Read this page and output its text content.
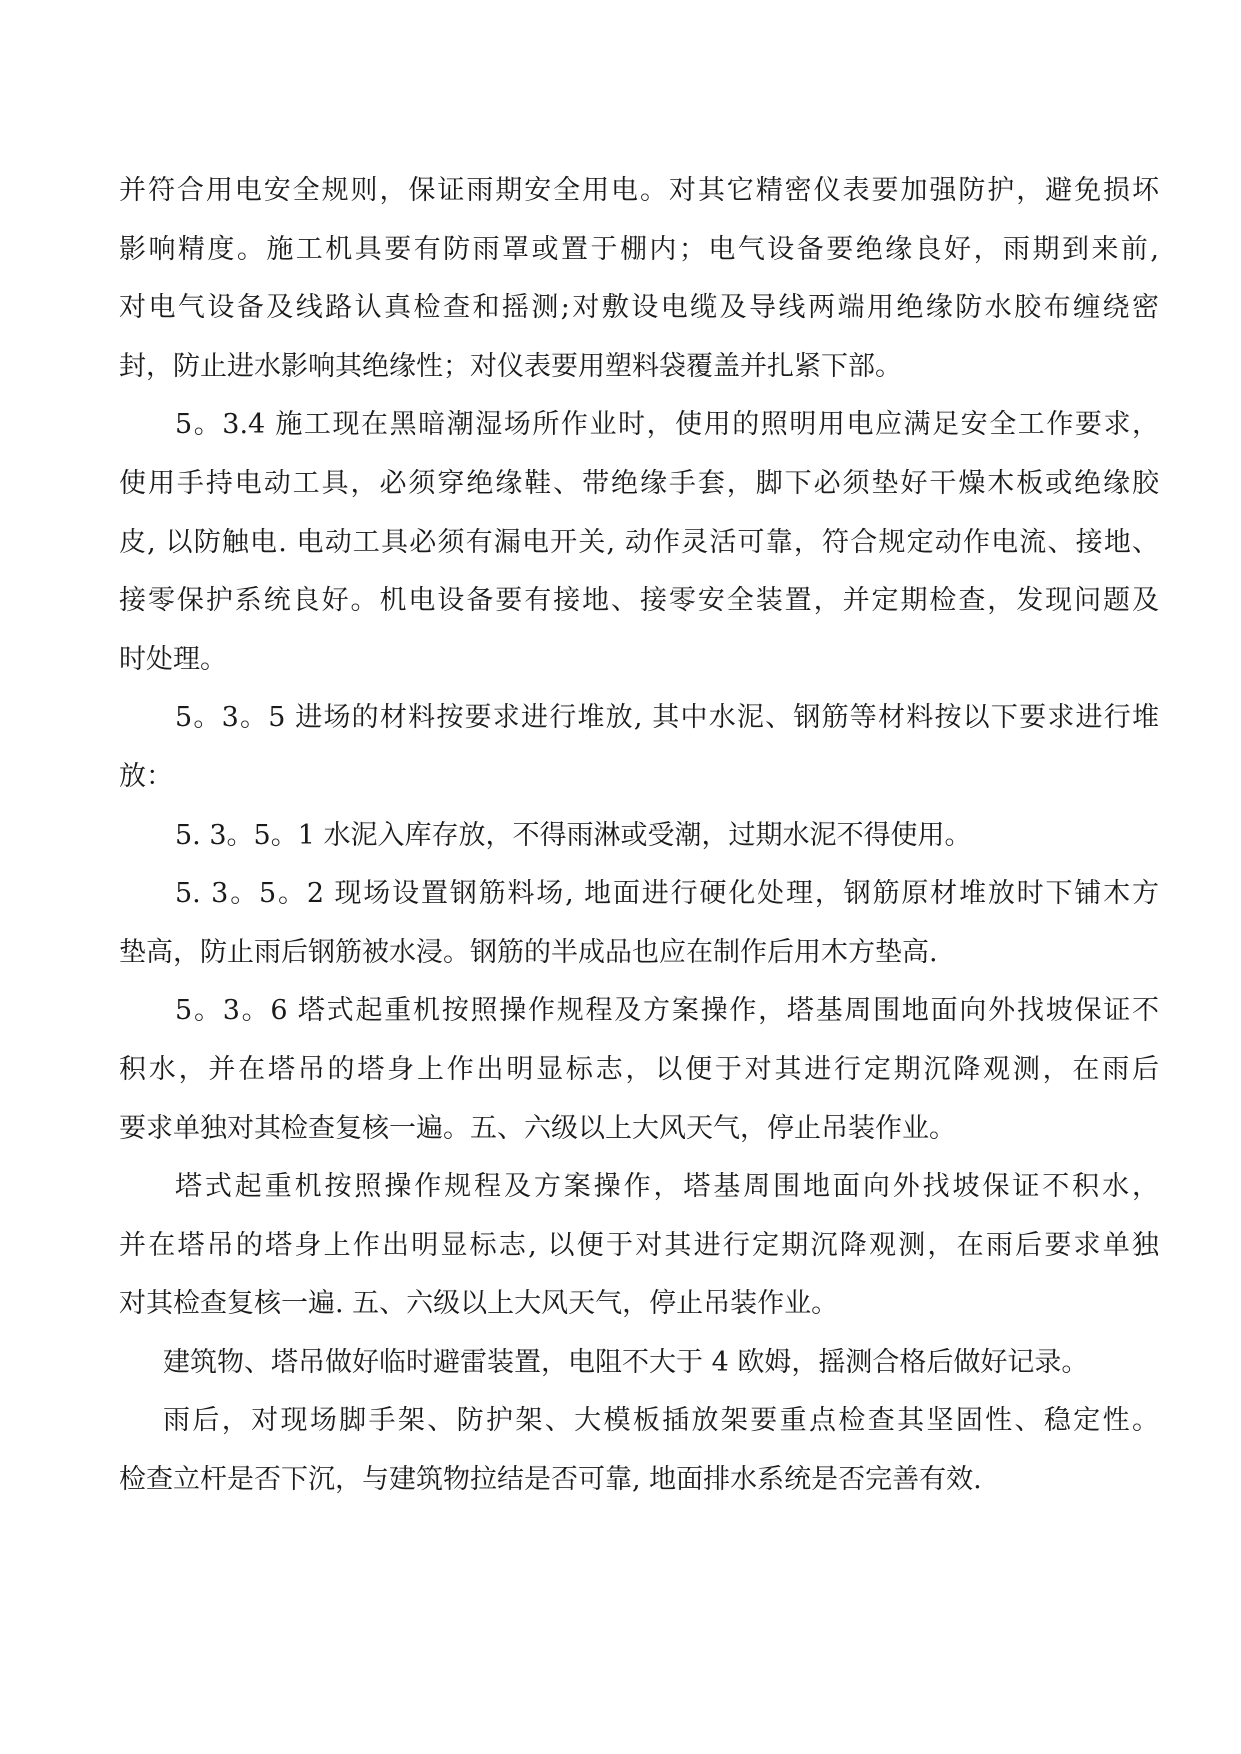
并符合用电安全规则，保证雨期安全用电。对其它精密仪表要加强防护，避免损坏
影响精度。施工机具要有防雨罩或置于棚内；电气设备要绝缘良好，雨期到来前,
对电气设备及线路认真检查和摇测;对敷设电缆及导线两端用绝缘防水胶布缠绕密
封，防止进水影响其绝缘性；对仪表要用塑料袋覆盖并扎紧下部。
5。3.4 施工现在黑暗潮湿场所作业时，使用的照明用电应满足安全工作要求，
使用手持电动工具，必须穿绝缘鞋、带绝缘手套，脚下必须垫好干燥木板或绝缘胶
皮, 以防触电. 电动工具必须有漏电开关, 动作灵活可靠，符合规定动作电流、接地、
接零保护系统良好。机电设备要有接地、接零安全装置，并定期检查，发现问题及
时处理。
5。3。5 进场的材料按要求进行堆放, 其中水泥、钢筋等材料按以下要求进行堆
放：
5. 3。5。1 水泥入库存放，不得雨淋或受潮，过期水泥不得使用。
5. 3。5。2 现场设置钢筋料场, 地面进行硬化处理，钢筋原材堆放时下铺木方
垫高，防止雨后钢筋被水浸。钢筋的半成品也应在制作后用木方垫高.
5。3。6 塔式起重机按照操作规程及方案操作，塔基周围地面向外找坡保证不
积水，并在塔吊的塔身上作出明显标志，以便于对其进行定期沉降观测，在雨后
要求单独对其检查复核一遍。五、六级以上大风天气，停止吊装作业。
塔式起重机按照操作规程及方案操作，塔基周围地面向外找坡保证不积水，
并在塔吊的塔身上作出明显标志, 以便于对其进行定期沉降观测，在雨后要求单独
对其检查复核一遍. 五、六级以上大风天气，停止吊装作业。
建筑物、塔吊做好临时避雷装置，电阻不大于 4 欧姆，摇测合格后做好记录。
雨后，对现场脚手架、防护架、大模板插放架要重点检查其坚固性、稳定性。
检查立杆是否下沉，与建筑物拉结是否可靠, 地面排水系统是否完善有效.
